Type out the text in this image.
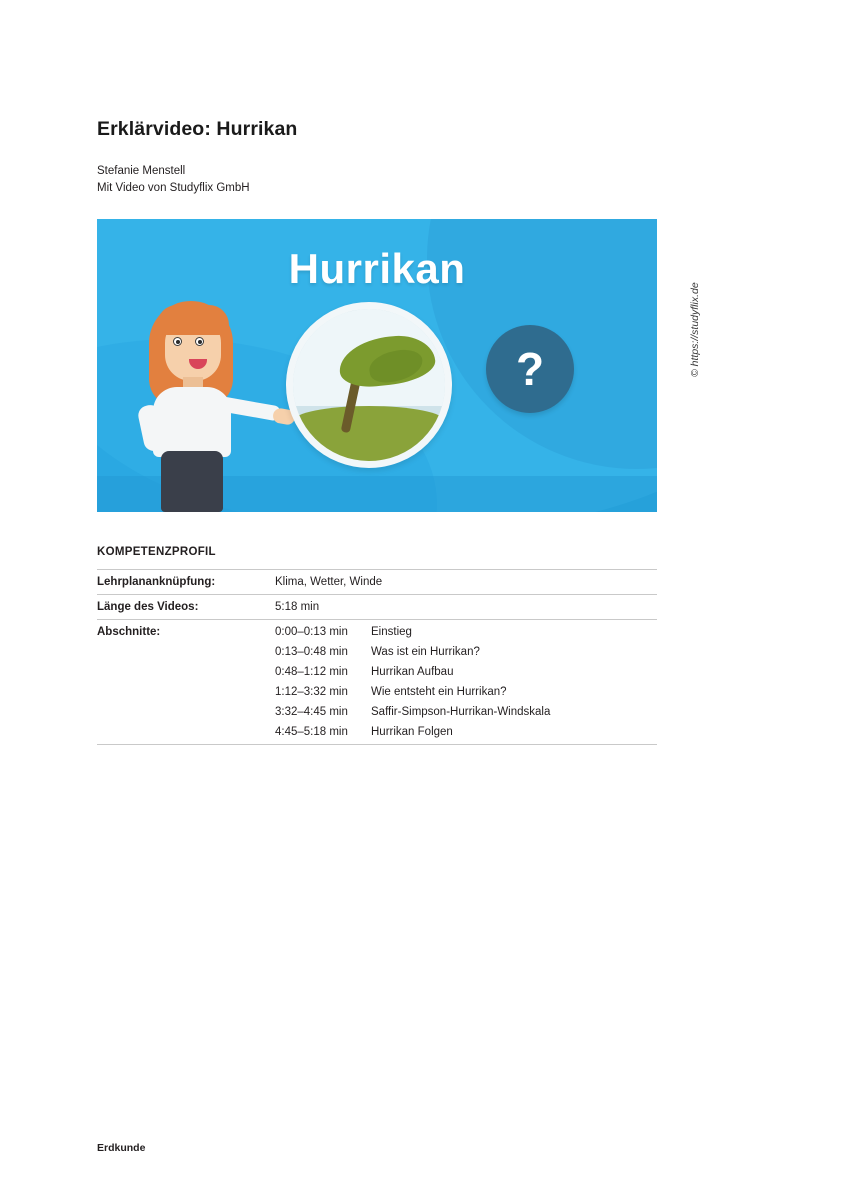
Erklärvideo: Hurrikan
Stefanie Menstell
Mit Video von Studyflix GmbH
Hurrikan
?	© https://studyflix.de
KOMPETENZPROFIL
Lehrplananknüpfung:	Klima, Wetter, Winde
Länge des Videos:	5:18 min
Abschnitte:	0:00–0:13 min Einstieg

	0:13–0:48 min Was ist ein Hurrikan?

	0:48–1:12 min Hurrikan Aufbau

	1:12–3:32 min Wie entsteht ein Hurrikan?

	3:32–4:45 min Saffir-Simpson-Hurrikan-Windskala

	4:45–5:18 min Hurrikan Folgen
Erdkunde
